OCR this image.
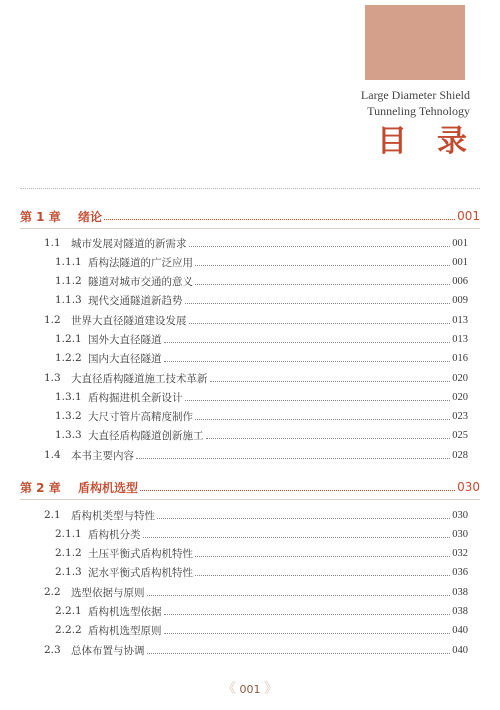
Large Diameter Shield
Tunneling Tehnology
目录
第 1 章	绪论	001
1.1 城市发展对隧道的新需求	001
1.1.1 盾构法隧道的广泛应用	001
1.1.2 隧道对城市交通的意义	006
1.1.3 现代交通隧道新趋势	009
1.2 世界大直径隧道建设发展	013
1.2.1 国外大直径隧道	013
1.2.2 国内大直径隧道	016
1.3 大直径盾构隧道施工技术革新	020
1.3.1 盾构掘进机全新设计	020
1.3.2 大尺寸管片高精度制作	023
1.3.3 大直径盾构隧道创新施工	025
1.4 本书主要内容	028
第 2 章	盾构机选型	030
2.1 盾构机类型与特性	030
2.1.1 盾构机分类	030
2.1.2 土压平衡式盾构机特性	032
2.1.3 泥水平衡式盾构机特性	036
2.2 选型依据与原则	038
2.2.1 盾构机选型依据	038
2.2.2 盾构机选型原则	040
2.3 总体布置与协调	040
《 001 》
